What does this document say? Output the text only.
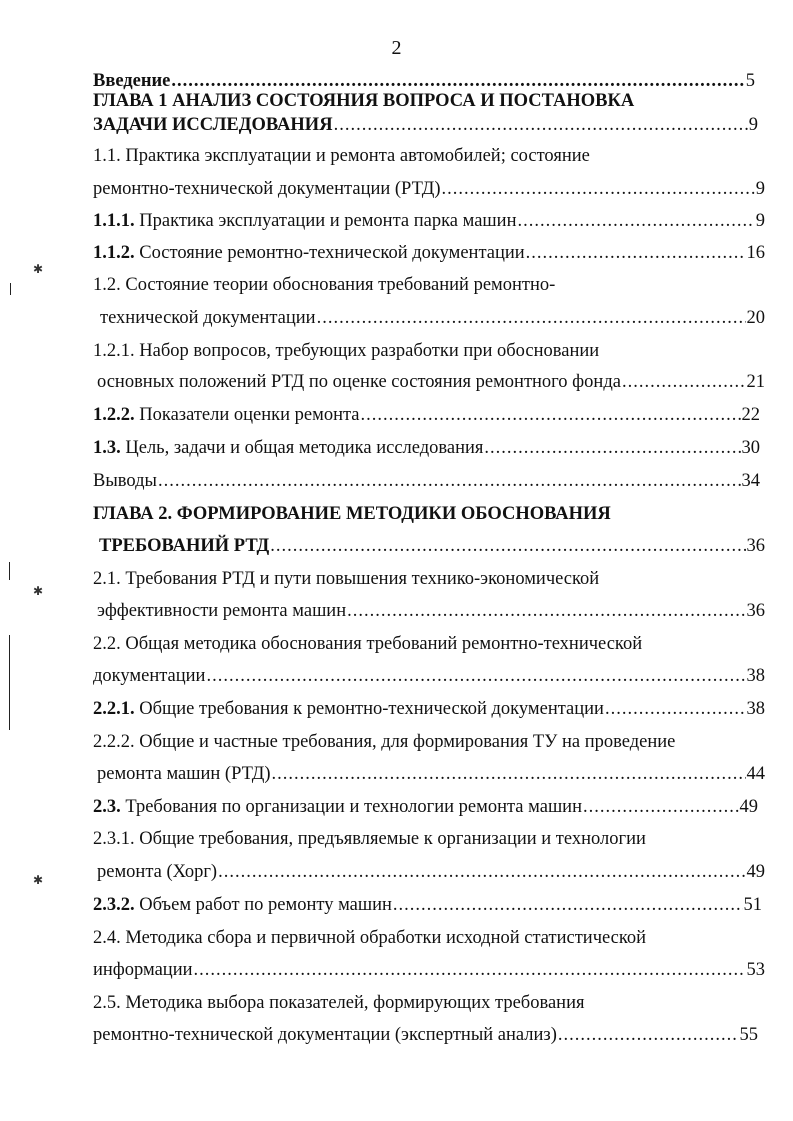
2
Введение .....	5
ГЛАВА 1 АНАЛИЗ СОСТОЯНИЯ ВОПРОСА И ПОСТАНОВКА
ЗАДАЧИ ИССЛЕДОВАНИЯ .....	9
1.1. Практика эксплуатации и ремонта автомобилей; состояние
ремонтно-технической документации (РТД) .....	9
1.1.1. Практика эксплуатации и ремонта парка машин .....	9
1.1.2. Состояние ремонтно-технической документации .....	16
1.2. Состояние теории обоснования требований ремонтно-
технической документации .....	20
1.2.1. Набор вопросов, требующих разработки при обосновании
основных положений РТД по оценке состояния ремонтного фонда .....	21
1.2.2. Показатели оценки ремонта .....	22
1.3. Цель, задачи и общая методика исследования .....	30
Выводы .....	34
ГЛАВА 2. ФОРМИРОВАНИЕ МЕТОДИКИ ОБОСНОВАНИЯ
ТРЕБОВАНИЙ РТД .....	36
2.1. Требования РТД и пути повышения технико-экономической
эффективности ремонта машин .....	36
2.2. Общая методика обоснования требований ремонтно-технической
документации .....	38
2.2.1. Общие требования к ремонтно-технической документации .....	38
2.2.2. Общие и частные требования, для формирования ТУ на проведение
ремонта машин (РТД) .....	44
2.3. Требования по организации и технологии ремонта машин .....	49
2.3.1. Общие требования, предъявляемые к организации и технологии
ремонта (Хорг) .....	49
2.3.2. Объем работ по ремонту машин .....	51
2.4. Методика сбора и первичной обработки исходной статистической
информации .....	53
2.5. Методика выбора показателей, формирующих требования
ремонтно-технической документации (экспертный анализ) .....	55
✱
✱
✱
